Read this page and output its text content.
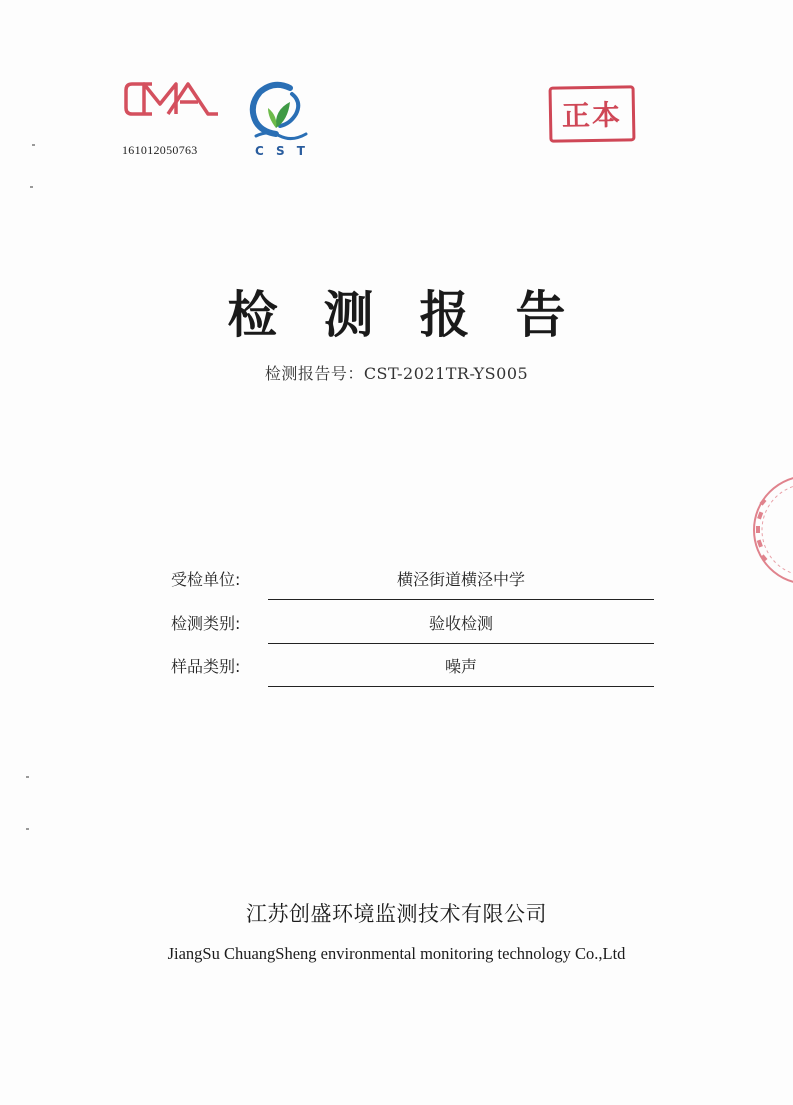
161012050763	C S T
正本
检测报告
检测报告号：CST-2021TR-YS005
受检单位:	横泾街道横泾中学
检测类别:	验收检测
样品类别:	噪声
江苏创盛环境监测技术有限公司
JiangSu ChuangSheng environmental monitoring technology Co.,Ltd
